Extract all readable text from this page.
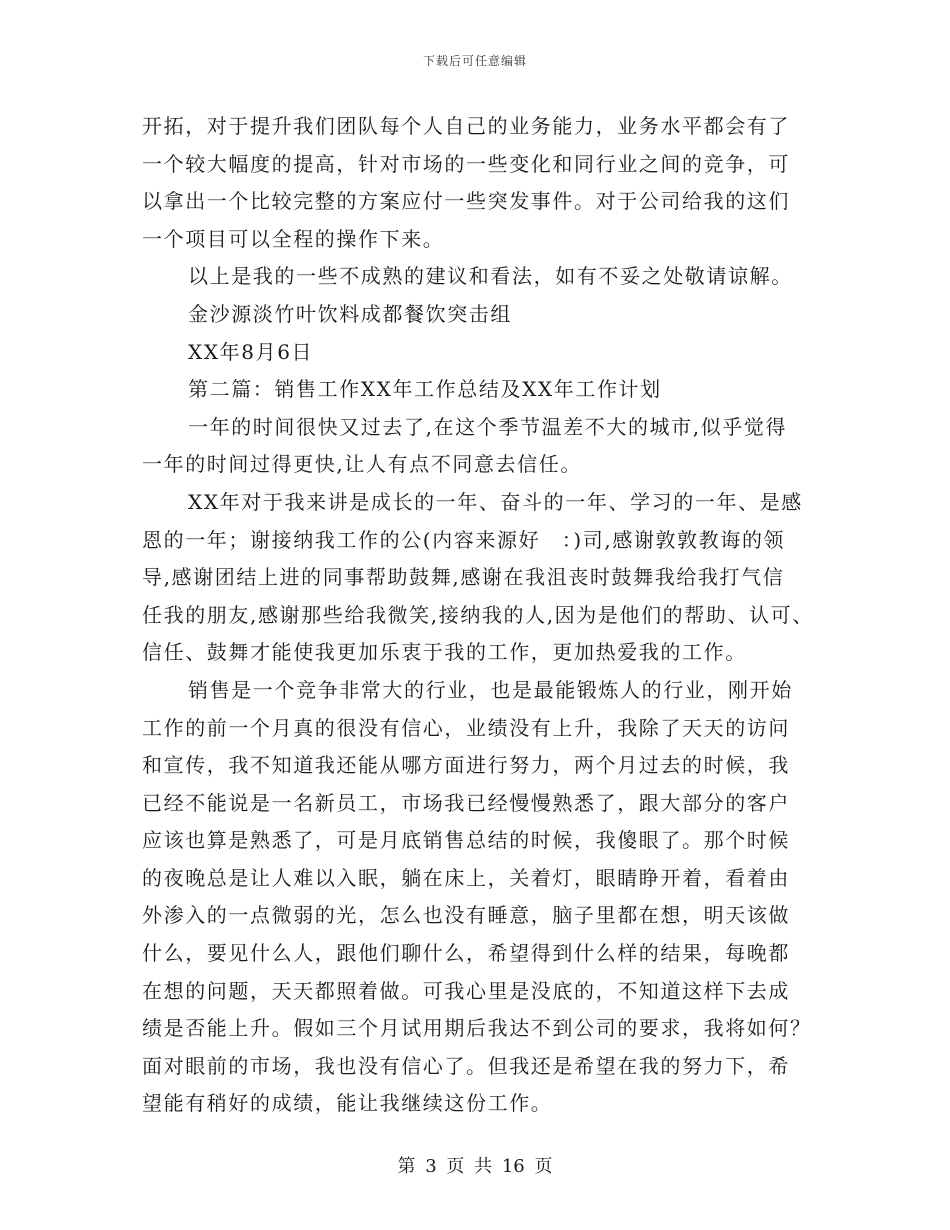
下载后可任意编辑
开拓，对于提升我们团队每个人自己的业务能力，业务水平都会有了
一个较大幅度的提高，针对市场的一些变化和同行业之间的竞争，可
以拿出一个比较完整的方案应付一些突发事件。对于公司给我的这们
一个项目可以全程的操作下来。
以上是我的一些不成熟的建议和看法，如有不妥之处敬请谅解。
金沙源淡竹叶饮料成都餐饮突击组
XX年8月6日
第二篇：销售工作XX年工作总结及XX年工作计划
一年的时间很快又过去了,在这个季节温差不大的城市,似乎觉得
一年的时间过得更快,让人有点不同意去信任。
XX年对于我来讲是成长的一年、奋斗的一年、学习的一年、是感
恩的一年；谢接纳我工作的公(内容来源好　：)司,感谢敦敦教诲的领
导,感谢团结上进的同事帮助鼓舞,感谢在我沮丧时鼓舞我给我打气信
任我的朋友,感谢那些给我微笑,接纳我的人,因为是他们的帮助、认可、
信任、鼓舞才能使我更加乐衷于我的工作，更加热爱我的工作。
销售是一个竞争非常大的行业，也是最能锻炼人的行业，刚开始
工作的前一个月真的很没有信心，业绩没有上升，我除了天天的访问
和宣传，我不知道我还能从哪方面进行努力，两个月过去的时候，我
已经不能说是一名新员工，市场我已经慢慢熟悉了，跟大部分的客户
应该也算是熟悉了，可是月底销售总结的时候，我傻眼了。那个时候
的夜晚总是让人难以入眠，躺在床上，关着灯，眼睛睁开着，看着由
外渗入的一点微弱的光，怎么也没有睡意，脑子里都在想，明天该做
什么，要见什么人，跟他们聊什么，希望得到什么样的结果，每晚都
在想的问题，天天都照着做。可我心里是没底的，不知道这样下去成
绩是否能上升。假如三个月试用期后我达不到公司的要求，我将如何？
面对眼前的市场，我也没有信心了。但我还是希望在我的努力下，希
望能有稍好的成绩，能让我继续这份工作。
第 3 页 共 16 页
